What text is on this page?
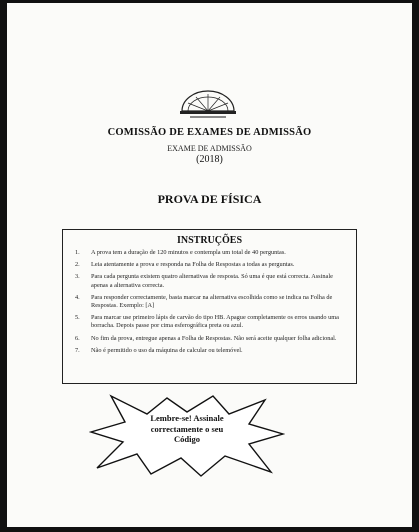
COMISSÃO DE EXAMES DE ADMISSÃO
EXAME DE ADMISSÃO
(2018)
PROVA DE FÍSICA
INSTRUÇÕES
1. A prova tem a duração de 120 minutos e contempla um total de 40 perguntas.
2. Leia atentamente a prova e responda na Folha de Respostas a todas as perguntas.
3. Para cada pergunta existem quatro alternativas de resposta. Só uma é que está correcta. Assinale apenas a alternativa correcta.
4. Para responder correctamente, basta marcar na alternativa escolhida como se indica na Folha de Respostas. Exemplo: [A]
5. Para marcar use primeiro lápis de carvão do tipo HB. Apague completamente os erros usando uma borracha. Depois passe por cima esferográfica preta ou azul.
6. No fim da prova, entregue apenas a Folha de Respostas. Não será aceite qualquer folha adicional.
7. Não é permitido o uso da máquina de calcular ou telemóvel.
Lembre-se! Assinale
correctamente o seu
Código
